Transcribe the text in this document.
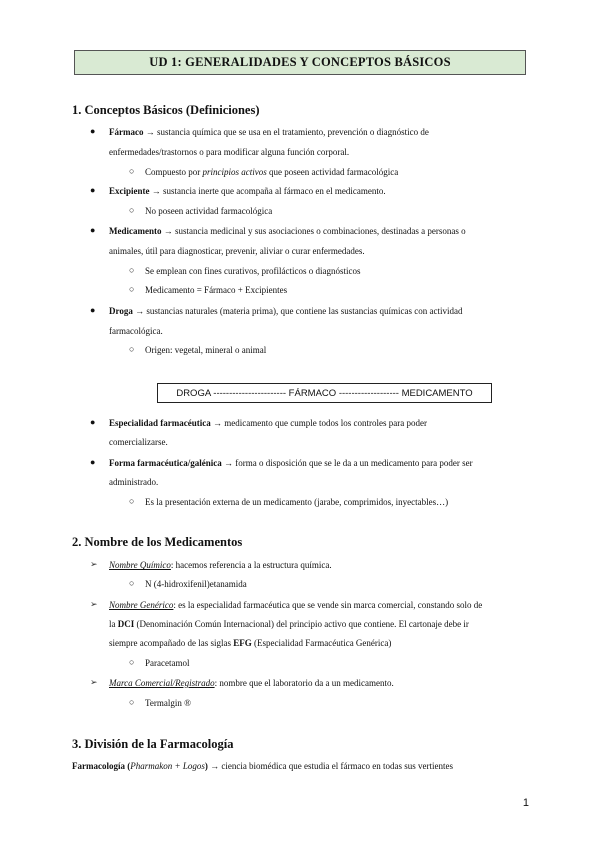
UD 1: GENERALIDADES Y CONCEPTOS BÁSICOS
1. Conceptos Básicos (Definiciones)
● Fármaco → sustancia química que se usa en el tratamiento, prevención o diagnóstico de
enfermedades/trastornos o para modificar alguna función corporal.
○ Compuesto por principios activos que poseen actividad farmacológica
● Excipiente → sustancia inerte que acompaña al fármaco en el medicamento.
○ No poseen actividad farmacológica
● Medicamento → sustancia medicinal y sus asociaciones o combinaciones, destinadas a personas o
animales, útil para diagnosticar, prevenir, aliviar o curar enfermedades.
○ Se emplean con fines curativos, profilácticos o diagnósticos
○ Medicamento = Fármaco + Excipientes
● Droga → sustancias naturales (materia prima), que contiene las sustancias químicas con actividad
farmacológica.
○ Origen: vegetal, mineral o animal
DROGA ----------------------- FÁRMACO ------------------- MEDICAMENTO
● Especialidad farmacéutica → medicamento que cumple todos los controles para poder
comercializarse.
● Forma farmacéutica/galénica → forma o disposición que se le da a un medicamento para poder ser
administrado.
○ Es la presentación externa de un medicamento (jarabe, comprimidos, inyectables…)
2. Nombre de los Medicamentos
➢ Nombre Químico: hacemos referencia a la estructura química.
○ N (4-hidroxifenil)etanamida
➢ Nombre Genérico: es la especialidad farmacéutica que se vende sin marca comercial, constando solo de
la DCI (Denominación Común Internacional) del principio activo que contiene. El cartonaje debe ir
siempre acompañado de las siglas EFG (Especialidad Farmacéutica Genérica)
○ Paracetamol
➢ Marca Comercial/Registrado: nombre que el laboratorio da a un medicamento.
○ Termalgin ®
3. División de la Farmacología
Farmacología (Pharmakon + Logos) → ciencia biomédica que estudia el fármaco en todas sus vertientes
1
